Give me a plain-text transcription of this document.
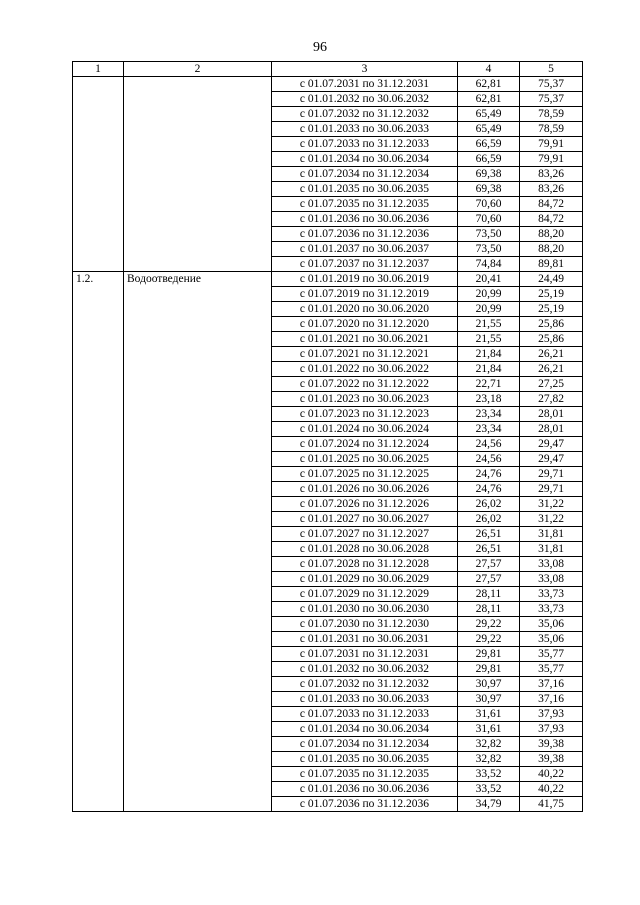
96
1	2	3	4	5
		с 01.07.2031 по 31.12.2031	62,81	75,37
		с 01.01.2032 по 30.06.2032	62,81	75,37
		с 01.07.2032 по 31.12.2032	65,49	78,59
		с 01.01.2033 по 30.06.2033	65,49	78,59
		с 01.07.2033 по 31.12.2033	66,59	79,91
		с 01.01.2034 по 30.06.2034	66,59	79,91
		с 01.07.2034 по 31.12.2034	69,38	83,26
		с 01.01.2035 по 30.06.2035	69,38	83,26
		с 01.07.2035 по 31.12.2035	70,60	84,72
		с 01.01.2036 по 30.06.2036	70,60	84,72
		с 01.07.2036 по 31.12.2036	73,50	88,20
		с 01.01.2037 по 30.06.2037	73,50	88,20
		с 01.07.2037 по 31.12.2037	74,84	89,81
1.2.	Водоотведение	с 01.01.2019 по 30.06.2019	20,41	24,49
		с 01.07.2019 по 31.12.2019	20,99	25,19
		с 01.01.2020 по 30.06.2020	20,99	25,19
		с 01.07.2020 по 31.12.2020	21,55	25,86
		с 01.01.2021 по 30.06.2021	21,55	25,86
		с 01.07.2021 по 31.12.2021	21,84	26,21
		с 01.01.2022 по 30.06.2022	21,84	26,21
		с 01.07.2022 по 31.12.2022	22,71	27,25
		с 01.01.2023 по 30.06.2023	23,18	27,82
		с 01.07.2023 по 31.12.2023	23,34	28,01
		с 01.01.2024 по 30.06.2024	23,34	28,01
		с 01.07.2024 по 31.12.2024	24,56	29,47
		с 01.01.2025 по 30.06.2025	24,56	29,47
		с 01.07.2025 по 31.12.2025	24,76	29,71
		с 01.01.2026 по 30.06.2026	24,76	29,71
		с 01.07.2026 по 31.12.2026	26,02	31,22
		с 01.01.2027 по 30.06.2027	26,02	31,22
		с 01.07.2027 по 31.12.2027	26,51	31,81
		с 01.01.2028 по 30.06.2028	26,51	31,81
		с 01.07.2028 по 31.12.2028	27,57	33,08
		с 01.01.2029 по 30.06.2029	27,57	33,08
		с 01.07.2029 по 31.12.2029	28,11	33,73
		с 01.01.2030 по 30.06.2030	28,11	33,73
		с 01.07.2030 по 31.12.2030	29,22	35,06
		с 01.01.2031 по 30.06.2031	29,22	35,06
		с 01.07.2031 по 31.12.2031	29,81	35,77
		с 01.01.2032 по 30.06.2032	29,81	35,77
		с 01.07.2032 по 31.12.2032	30,97	37,16
		с 01.01.2033 по 30.06.2033	30,97	37,16
		с 01.07.2033 по 31.12.2033	31,61	37,93
		с 01.01.2034 по 30.06.2034	31,61	37,93
		с 01.07.2034 по 31.12.2034	32,82	39,38
		с 01.01.2035 по 30.06.2035	32,82	39,38
		с 01.07.2035 по 31.12.2035	33,52	40,22
		с 01.01.2036 по 30.06.2036	33,52	40,22
		с 01.07.2036 по 31.12.2036	34,79	41,75
